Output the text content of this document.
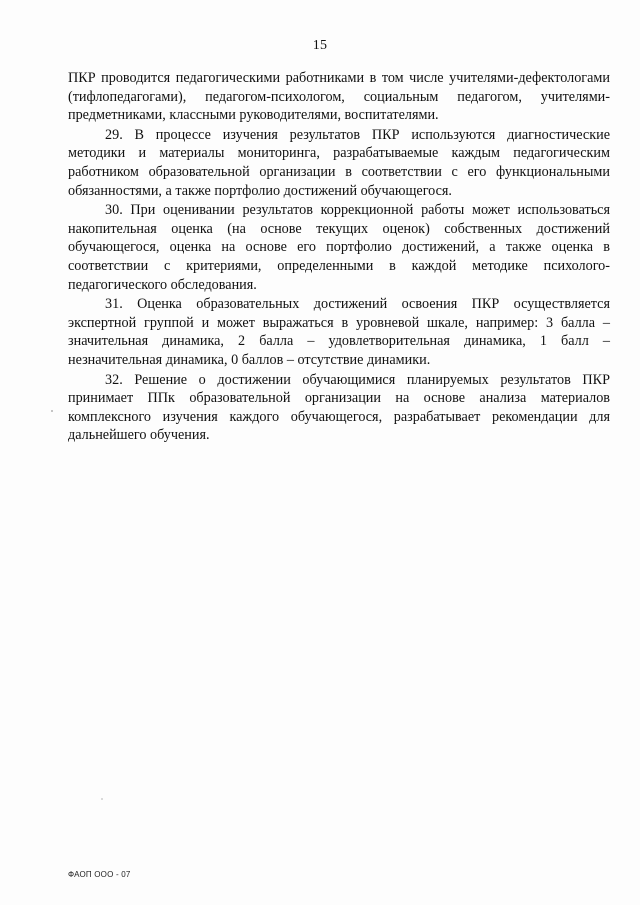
15

ПКР проводится педагогическими работниками в том числе учителями-дефектологами (тифлопедагогами), педагогом-психологом, социальным педагогом, учителями-предметниками, классными руководителями, воспитателями.

29. В процессе изучения результатов ПКР используются диагностические методики и материалы мониторинга, разрабатываемые каждым педагогическим работником образовательной организации в соответствии с его функциональными обязанностями, а также портфолио достижений обучающегося.

30. При оценивании результатов коррекционной работы может использоваться накопительная оценка (на основе текущих оценок) собственных достижений обучающегося, оценка на основе его портфолио достижений, а также оценка в соответствии с критериями, определенными в каждой методике психолого-педагогического обследования.

31. Оценка образовательных достижений освоения ПКР осуществляется экспертной группой и может выражаться в уровневой шкале, например: 3 балла – значительная динамика, 2 балла – удовлетворительная динамика, 1 балл – незначительная динамика, 0 баллов – отсутствие динамики.

32. Решение о достижении обучающимися планируемых результатов ПКР принимает ППк образовательной организации на основе анализа материалов комплексного изучения каждого обучающегося, разрабатывает рекомендации для дальнейшего обучения.

ФАОП ООО - 07
